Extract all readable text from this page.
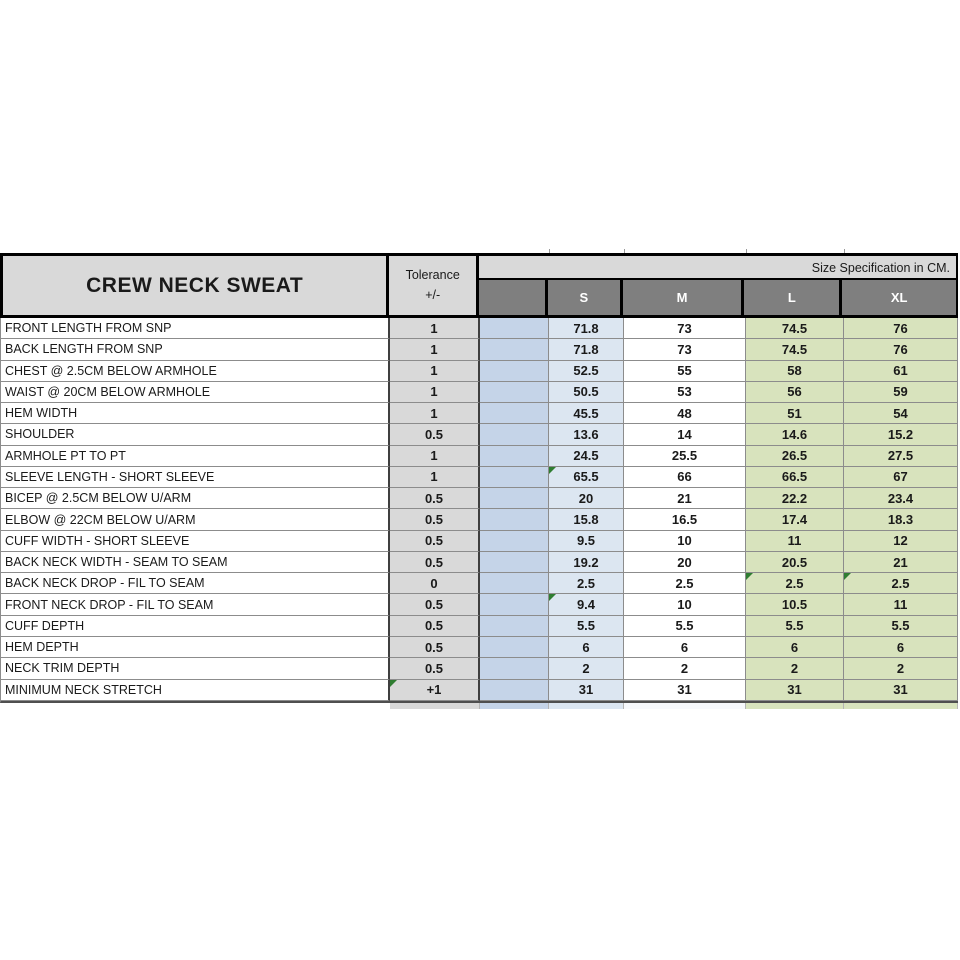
CREW NECK SWEAT	Tolerance
+/-
Size Specification in CM.
S	M	L	XL
FRONT LENGTH FROM SNP	1	71.8	73	74.5	76
BACK LENGTH FROM SNP	1	71.8	73	74.5	76
CHEST @ 2.5CM BELOW ARMHOLE	1	52.5	55	58	61
WAIST @ 20CM BELOW ARMHOLE	1	50.5	53	56	59
HEM WIDTH	1	45.5	48	51	54
SHOULDER	0.5	13.6	14	14.6	15.2
ARMHOLE PT TO PT	1	24.5	25.5	26.5	27.5
SLEEVE LENGTH - SHORT SLEEVE	1	65.5	66	66.5	67
BICEP @ 2.5CM BELOW U/ARM	0.5	20	21	22.2	23.4
ELBOW @ 22CM BELOW U/ARM	0.5	15.8	16.5	17.4	18.3
CUFF WIDTH - SHORT SLEEVE	0.5	9.5	10	11	12
BACK NECK WIDTH - SEAM TO SEAM	0.5	19.2	20	20.5	21
BACK NECK DROP - FIL TO SEAM	0	2.5	2.5	2.5	2.5
FRONT NECK DROP - FIL TO SEAM	0.5	9.4	10	10.5	11
CUFF DEPTH	0.5	5.5	5.5	5.5	5.5
HEM DEPTH	0.5	6	6	6	6
NECK TRIM DEPTH	0.5	2	2	2	2
MINIMUM NECK STRETCH	+1	31	31	31	31
